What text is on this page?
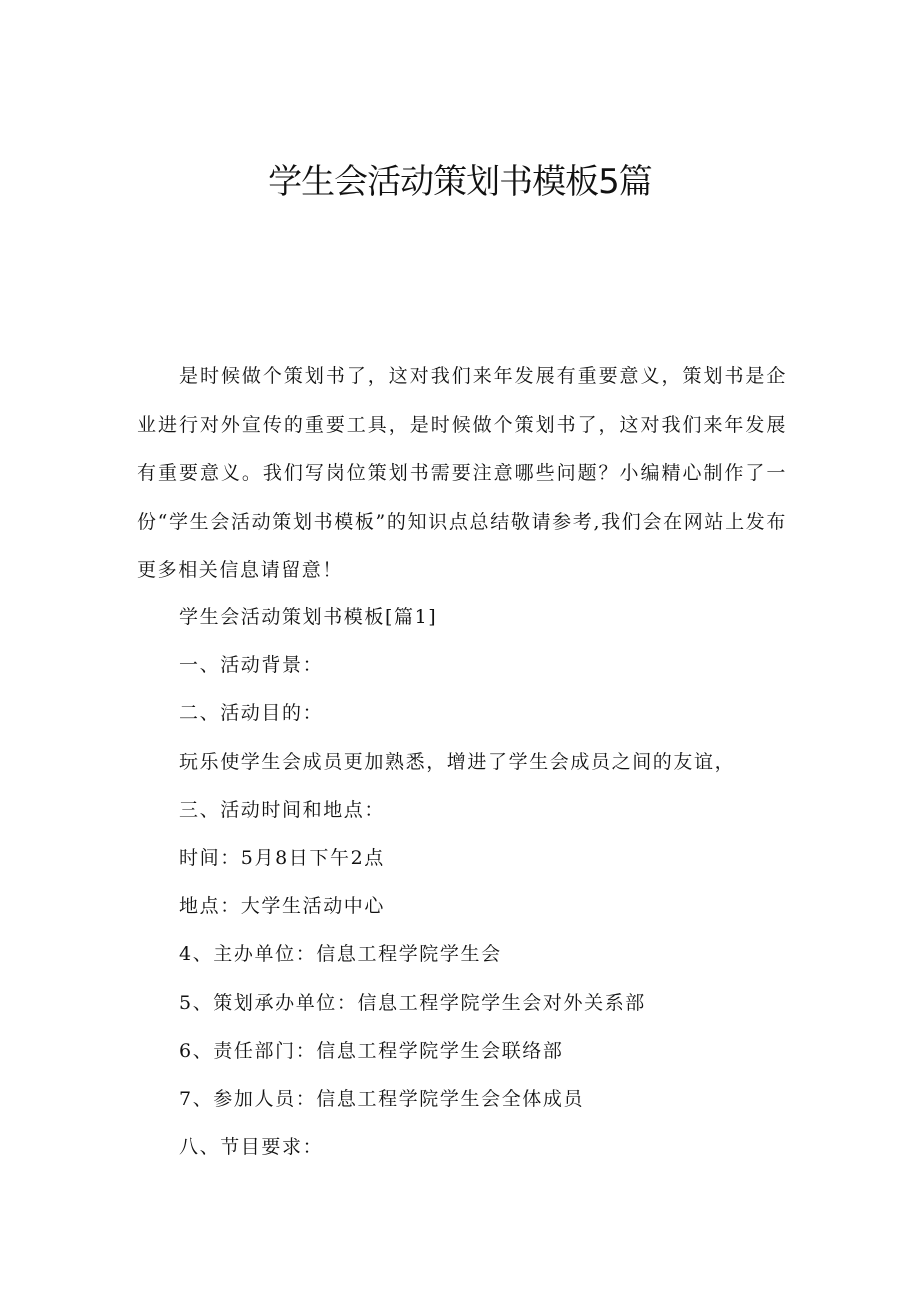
学生会活动策划书模板5篇

是时候做个策划书了，这对我们来年发展有重要意义，策划书是企业进行对外宣传的重要工具，是时候做个策划书了，这对我们来年发展有重要意义。我们写岗位策划书需要注意哪些问题？小编精心制作了一份“学生会活动策划书模板”的知识点总结敬请参考,我们会在网站上发布更多相关信息请留意！

学生会活动策划书模板[篇1]
一、活动背景：
二、活动目的：
玩乐使学生会成员更加熟悉，增进了学生会成员之间的友谊，
三、活动时间和地点：
时间：5月8日下午2点
地点：大学生活动中心
4、主办单位：信息工程学院学生会
5、策划承办单位：信息工程学院学生会对外关系部
6、责任部门：信息工程学院学生会联络部
7、参加人员：信息工程学院学生会全体成员
八、节目要求：
